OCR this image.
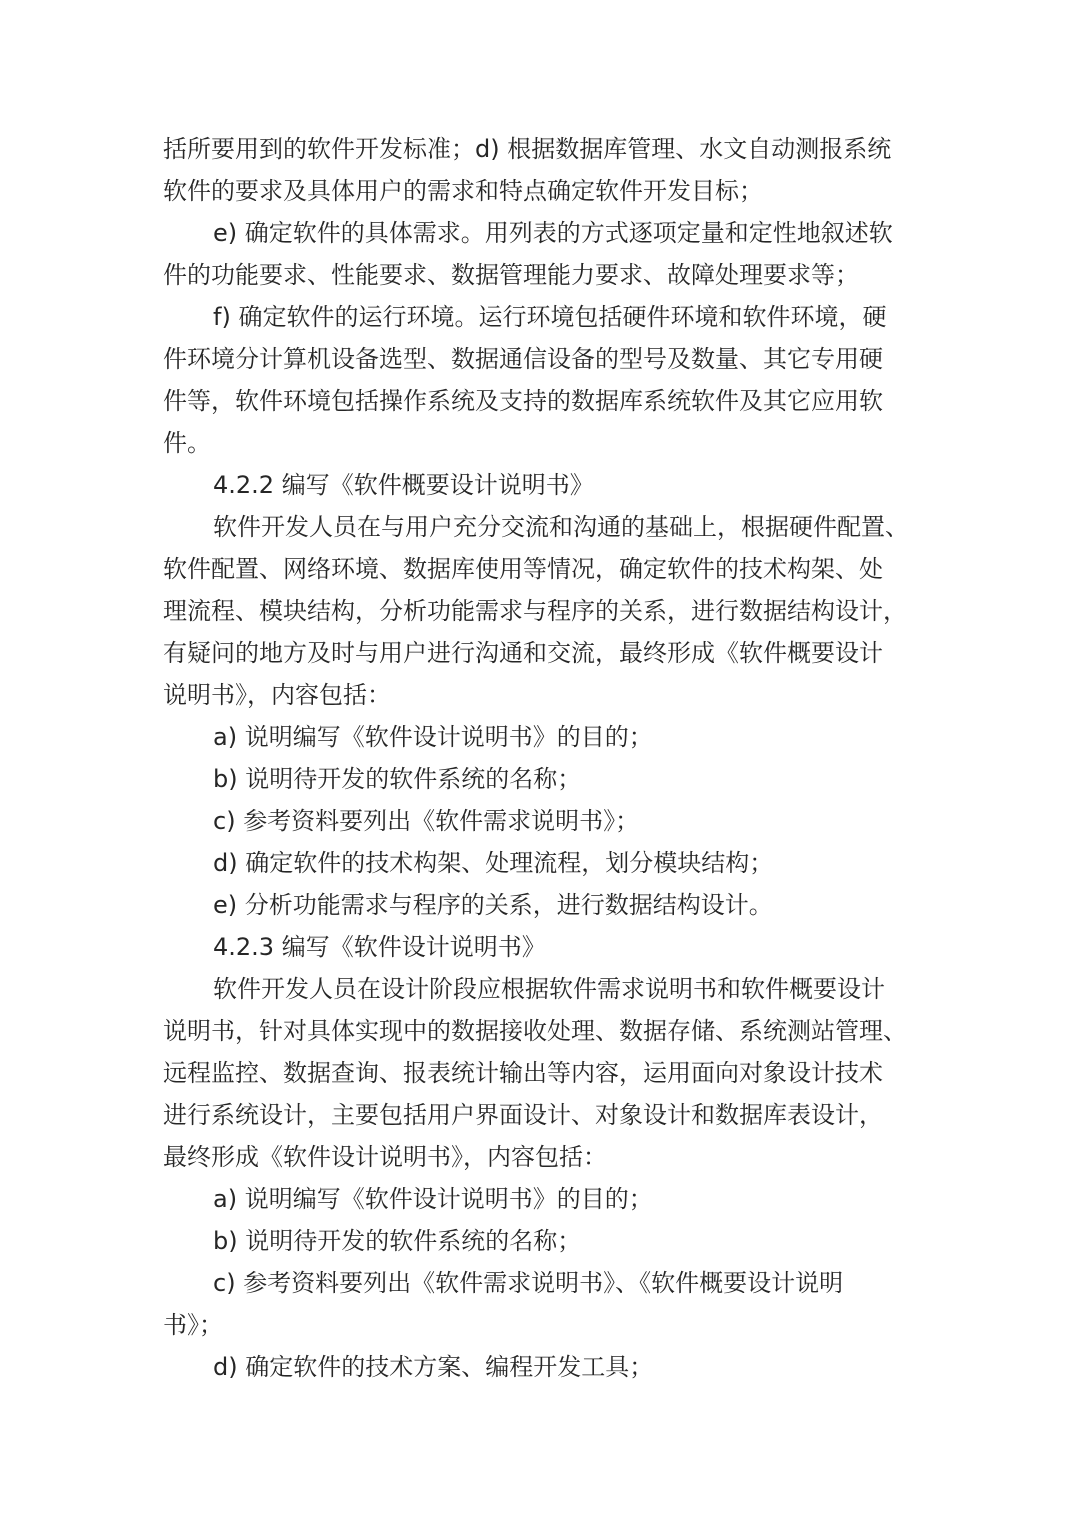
括所要用到的软件开发标准；d) 根据数据库管理、水文自动测报系统
软件的要求及具体用户的需求和特点确定软件开发目标；
e) 确定软件的具体需求。用列表的方式逐项定量和定性地叙述软
件的功能要求、性能要求、数据管理能力要求、故障处理要求等；
f) 确定软件的运行环境。运行环境包括硬件环境和软件环境，硬
件环境分计算机设备选型、数据通信设备的型号及数量、其它专用硬
件等，软件环境包括操作系统及支持的数据库系统软件及其它应用软
件。
4.2.2 编写《软件概要设计说明书》
软件开发人员在与用户充分交流和沟通的基础上，根据硬件配置、
软件配置、网络环境、数据库使用等情况，确定软件的技术构架、处
理流程、模块结构，分析功能需求与程序的关系，进行数据结构设计，
有疑问的地方及时与用户进行沟通和交流，最终形成《软件概要设计
说明书》，内容包括：
a) 说明编写《软件设计说明书》的目的；
b) 说明待开发的软件系统的名称；
c) 参考资料要列出《软件需求说明书》；
d) 确定软件的技术构架、处理流程，划分模块结构；
e) 分析功能需求与程序的关系，进行数据结构设计。
4.2.3 编写《软件设计说明书》
软件开发人员在设计阶段应根据软件需求说明书和软件概要设计
说明书，针对具体实现中的数据接收处理、数据存储、系统测站管理、
远程监控、数据查询、报表统计输出等内容，运用面向对象设计技术
进行系统设计，主要包括用户界面设计、对象设计和数据库表设计，
最终形成《软件设计说明书》，内容包括：
a) 说明编写《软件设计说明书》的目的；
b) 说明待开发的软件系统的名称；
c) 参考资料要列出《软件需求说明书》、《软件概要设计说明
书》；
d) 确定软件的技术方案、编程开发工具；
